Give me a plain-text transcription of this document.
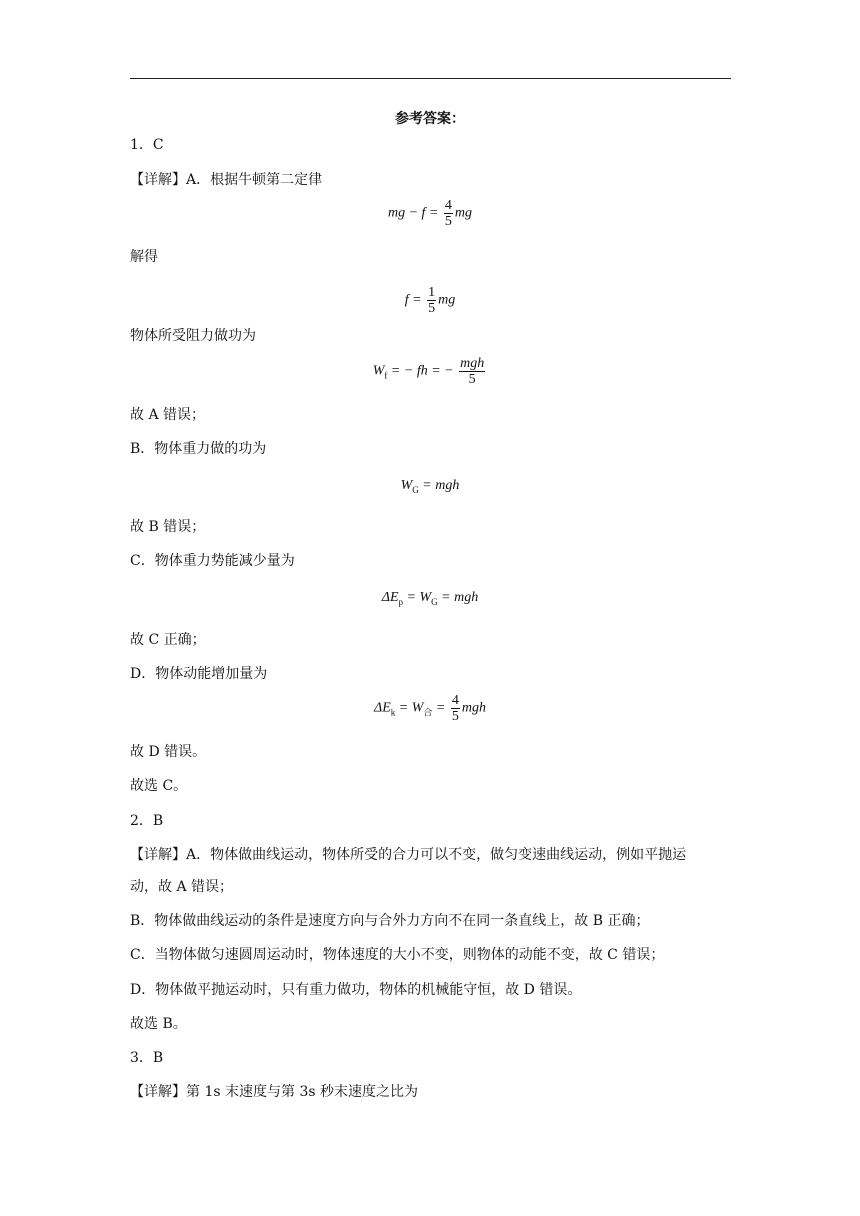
参考答案：
1．C
【详解】A．根据牛顿第二定律
mg − $f = \frac{4}{5}$ mg
解得
$f = \frac{1}{5}$ mg
物体所受阻力做功为
$W_f$ = − fh = − $\frac{\text{mgh}}{5}$
故 A 错误；
B．物体重力做的功为
$W_G$ = mgh
故 B 错误；
C．物体重力势能减少量为
$\Delta E_p = W_G$ = mgh
故 C 正确；
D．物体动能增加量为
$\Delta E_k = W_合 = \frac{4}{5}$ mgh
故 D 错误。
故选 C。
2．B
【详解】A．物体做曲线运动，物体所受的合力可以不变，做匀变速曲线运动，例如平抛运
动，故 A 错误；
B．物体做曲线运动的条件是速度方向与合外力方向不在同一条直线上，故 B 正确；
C．当物体做匀速圆周运动时，物体速度的大小不变，则物体的动能不变，故 C 错误；
D．物体做平抛运动时，只有重力做功，物体的机械能守恒，故 D 错误。
故选 B。
3．B
【详解】第 1s 末速度与第 3s 秒末速度之比为
